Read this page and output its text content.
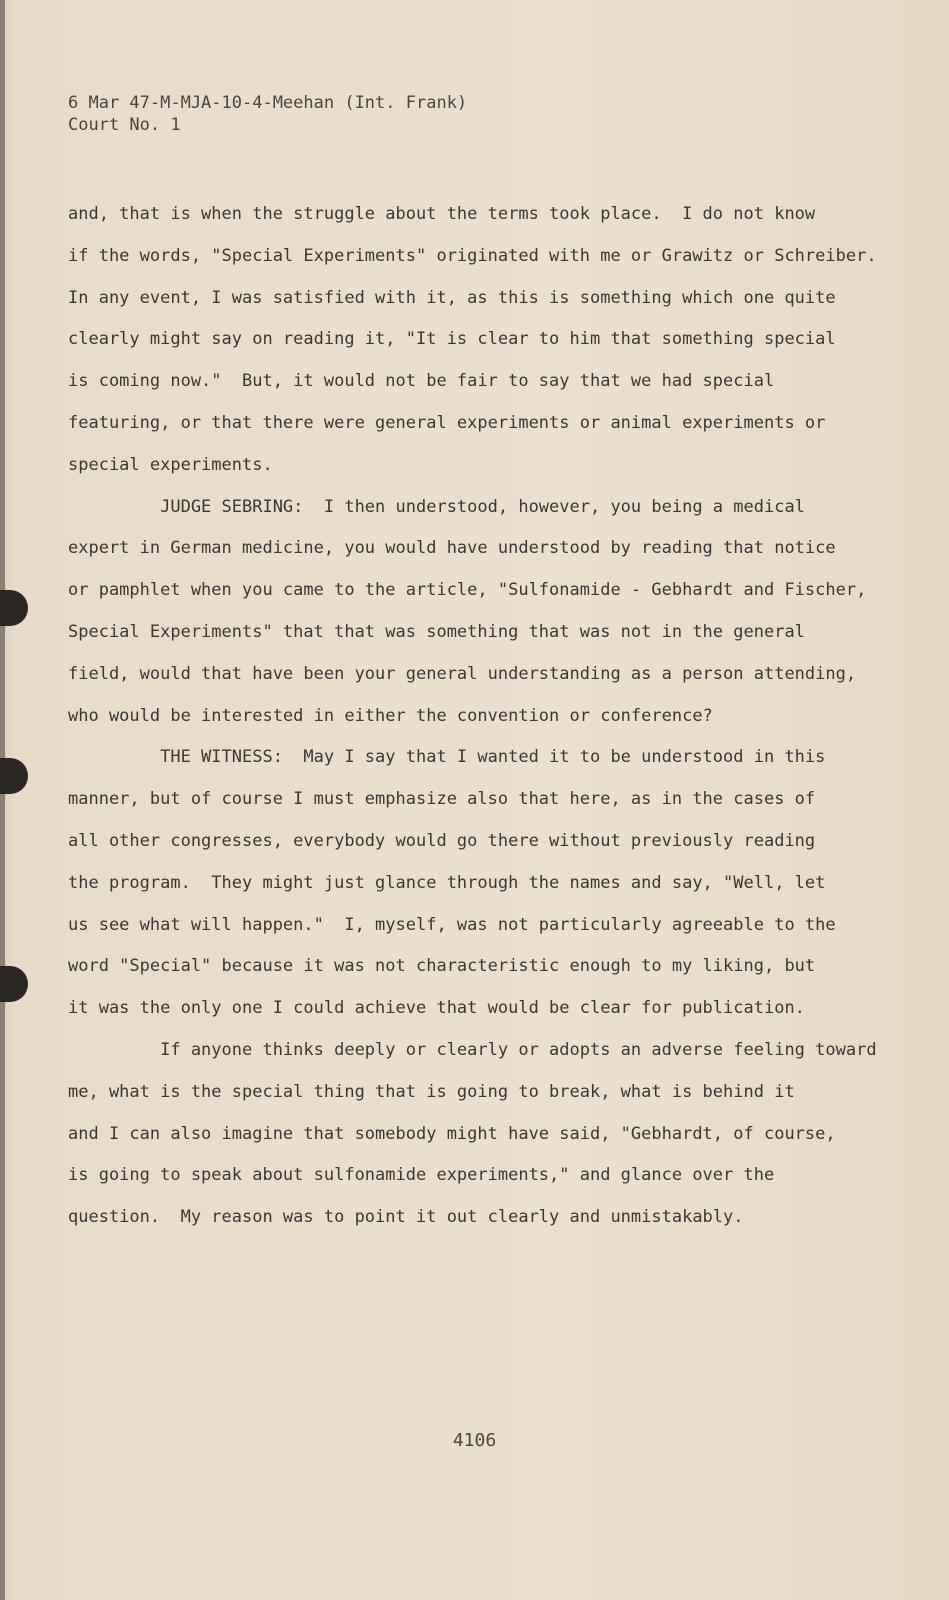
6 Mar 47-M-MJA-10-4-Meehan (Int. Frank)
Court No. 1
and, that is when the struggle about the terms took place.  I do not know
if the words, "Special Experiments" originated with me or Grawitz or Schreiber.
In any event, I was satisfied with it, as this is something which one quite
clearly might say on reading it, "It is clear to him that something special
is coming now."  But, it would not be fair to say that we had special
featuring, or that there were general experiments or animal experiments or
special experiments.
JUDGE SEBRING:  I then understood, however, you being a medical
expert in German medicine, you would have understood by reading that notice
or pamphlet when you came to the article, "Sulfonamide - Gebhardt and Fischer,
Special Experiments" that that was something that was not in the general
field, would that have been your general understanding as a person attending,
who would be interested in either the convention or conference?
THE WITNESS:  May I say that I wanted it to be understood in this
manner, but of course I must emphasize also that here, as in the cases of
all other congresses, everybody would go there without previously reading
the program.  They might just glance through the names and say, "Well, let
us see what will happen."  I, myself, was not particularly agreeable to the
word "Special" because it was not characteristic enough to my liking, but
it was the only one I could achieve that would be clear for publication.
If anyone thinks deeply or clearly or adopts an adverse feeling toward
me, what is the special thing that is going to break, what is behind it
and I can also imagine that somebody might have said, "Gebhardt, of course,
is going to speak about sulfonamide experiments," and glance over the
question.  My reason was to point it out clearly and unmistakably.
4106
